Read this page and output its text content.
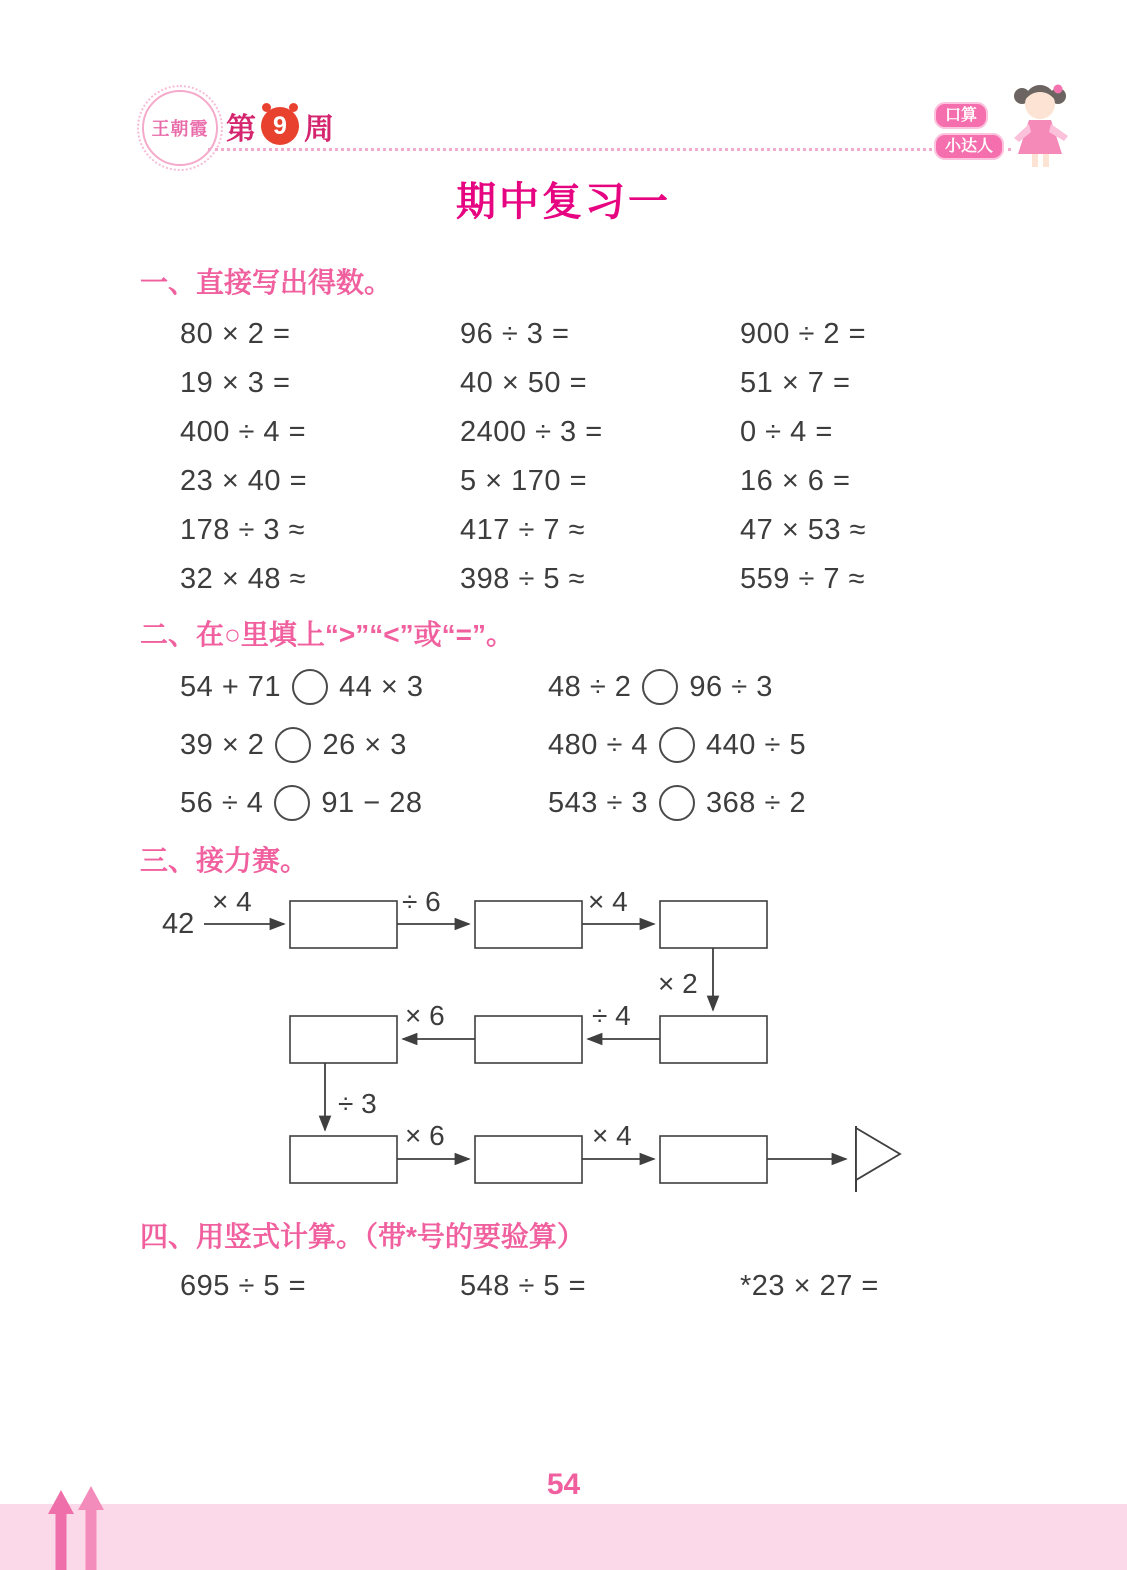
王朝霞 第 9 周	口算
小达人
期中复习一
一、直接写出得数。
80 × 2 =	96 ÷ 3 =	900 ÷ 2 =
19 × 3 =	40 × 50 =	51 × 7 =
400 ÷ 4 =	2400 ÷ 3 =	0 ÷ 4 =
23 × 40 =	5 × 170 =	16 × 6 =
178 ÷ 3 ≈	417 ÷ 7 ≈	47 × 53 ≈
32 × 48 ≈	398 ÷ 5 ≈	559 ÷ 7 ≈
二、在○里填上“>”“<”或“=”。
54 + 71 44 × 3	48 ÷ 2 96 ÷ 3
39 × 2 26 × 3	480 ÷ 4 440 ÷ 5
56 ÷ 4 91 − 28	543 ÷ 3 368 ÷ 2
三、接力赛。
42
× 4	÷ 6	× 4
× 2
÷ 4
× 6
÷ 3
× 6	× 4
四、用竖式计算。（带*号的要验算）
695 ÷ 5 =	548 ÷ 5 =	*23 × 27 =
54
